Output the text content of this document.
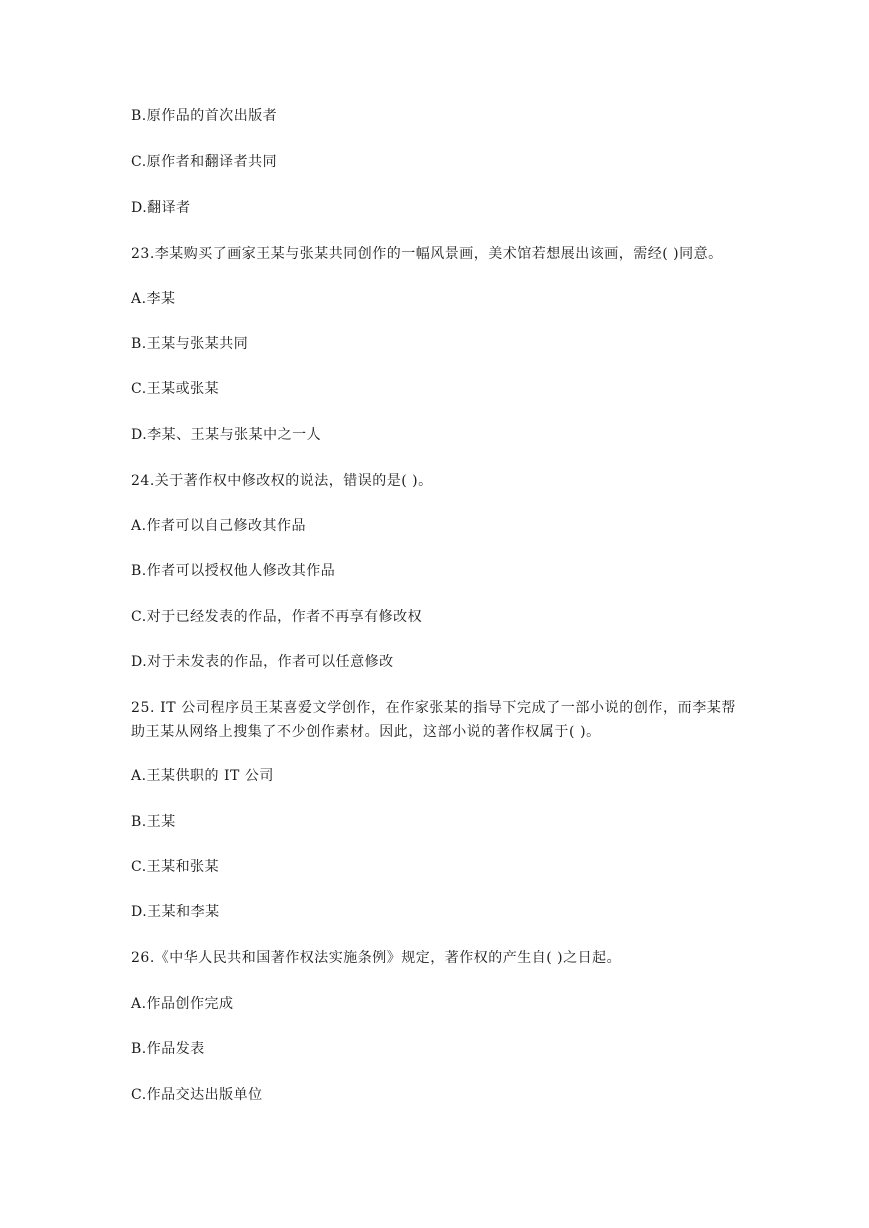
B.原作品的首次出版者
C.原作者和翻译者共同
D.翻译者
23.李某购买了画家王某与张某共同创作的一幅风景画，美术馆若想展出该画，需经( )同意。
A.李某
B.王某与张某共同
C.王某或张某
D.李某、王某与张某中之一人
24.关于著作权中修改权的说法，错误的是( )。
A.作者可以自己修改其作品
B.作者可以授权他人修改其作品
C.对于已经发表的作品，作者不再享有修改权
D.对于未发表的作品，作者可以任意修改
25. IT 公司程序员王某喜爱文学创作，在作家张某的指导下完成了一部小说的创作，而李某帮助王某从网络上搜集了不少创作素材。因此，这部小说的著作权属于( )。
A.王某供职的 IT 公司
B.王某
C.王某和张某
D.王某和李某
26.《中华人民共和国著作权法实施条例》规定，著作权的产生自( )之日起。
A.作品创作完成
B.作品发表
C.作品交达出版单位
